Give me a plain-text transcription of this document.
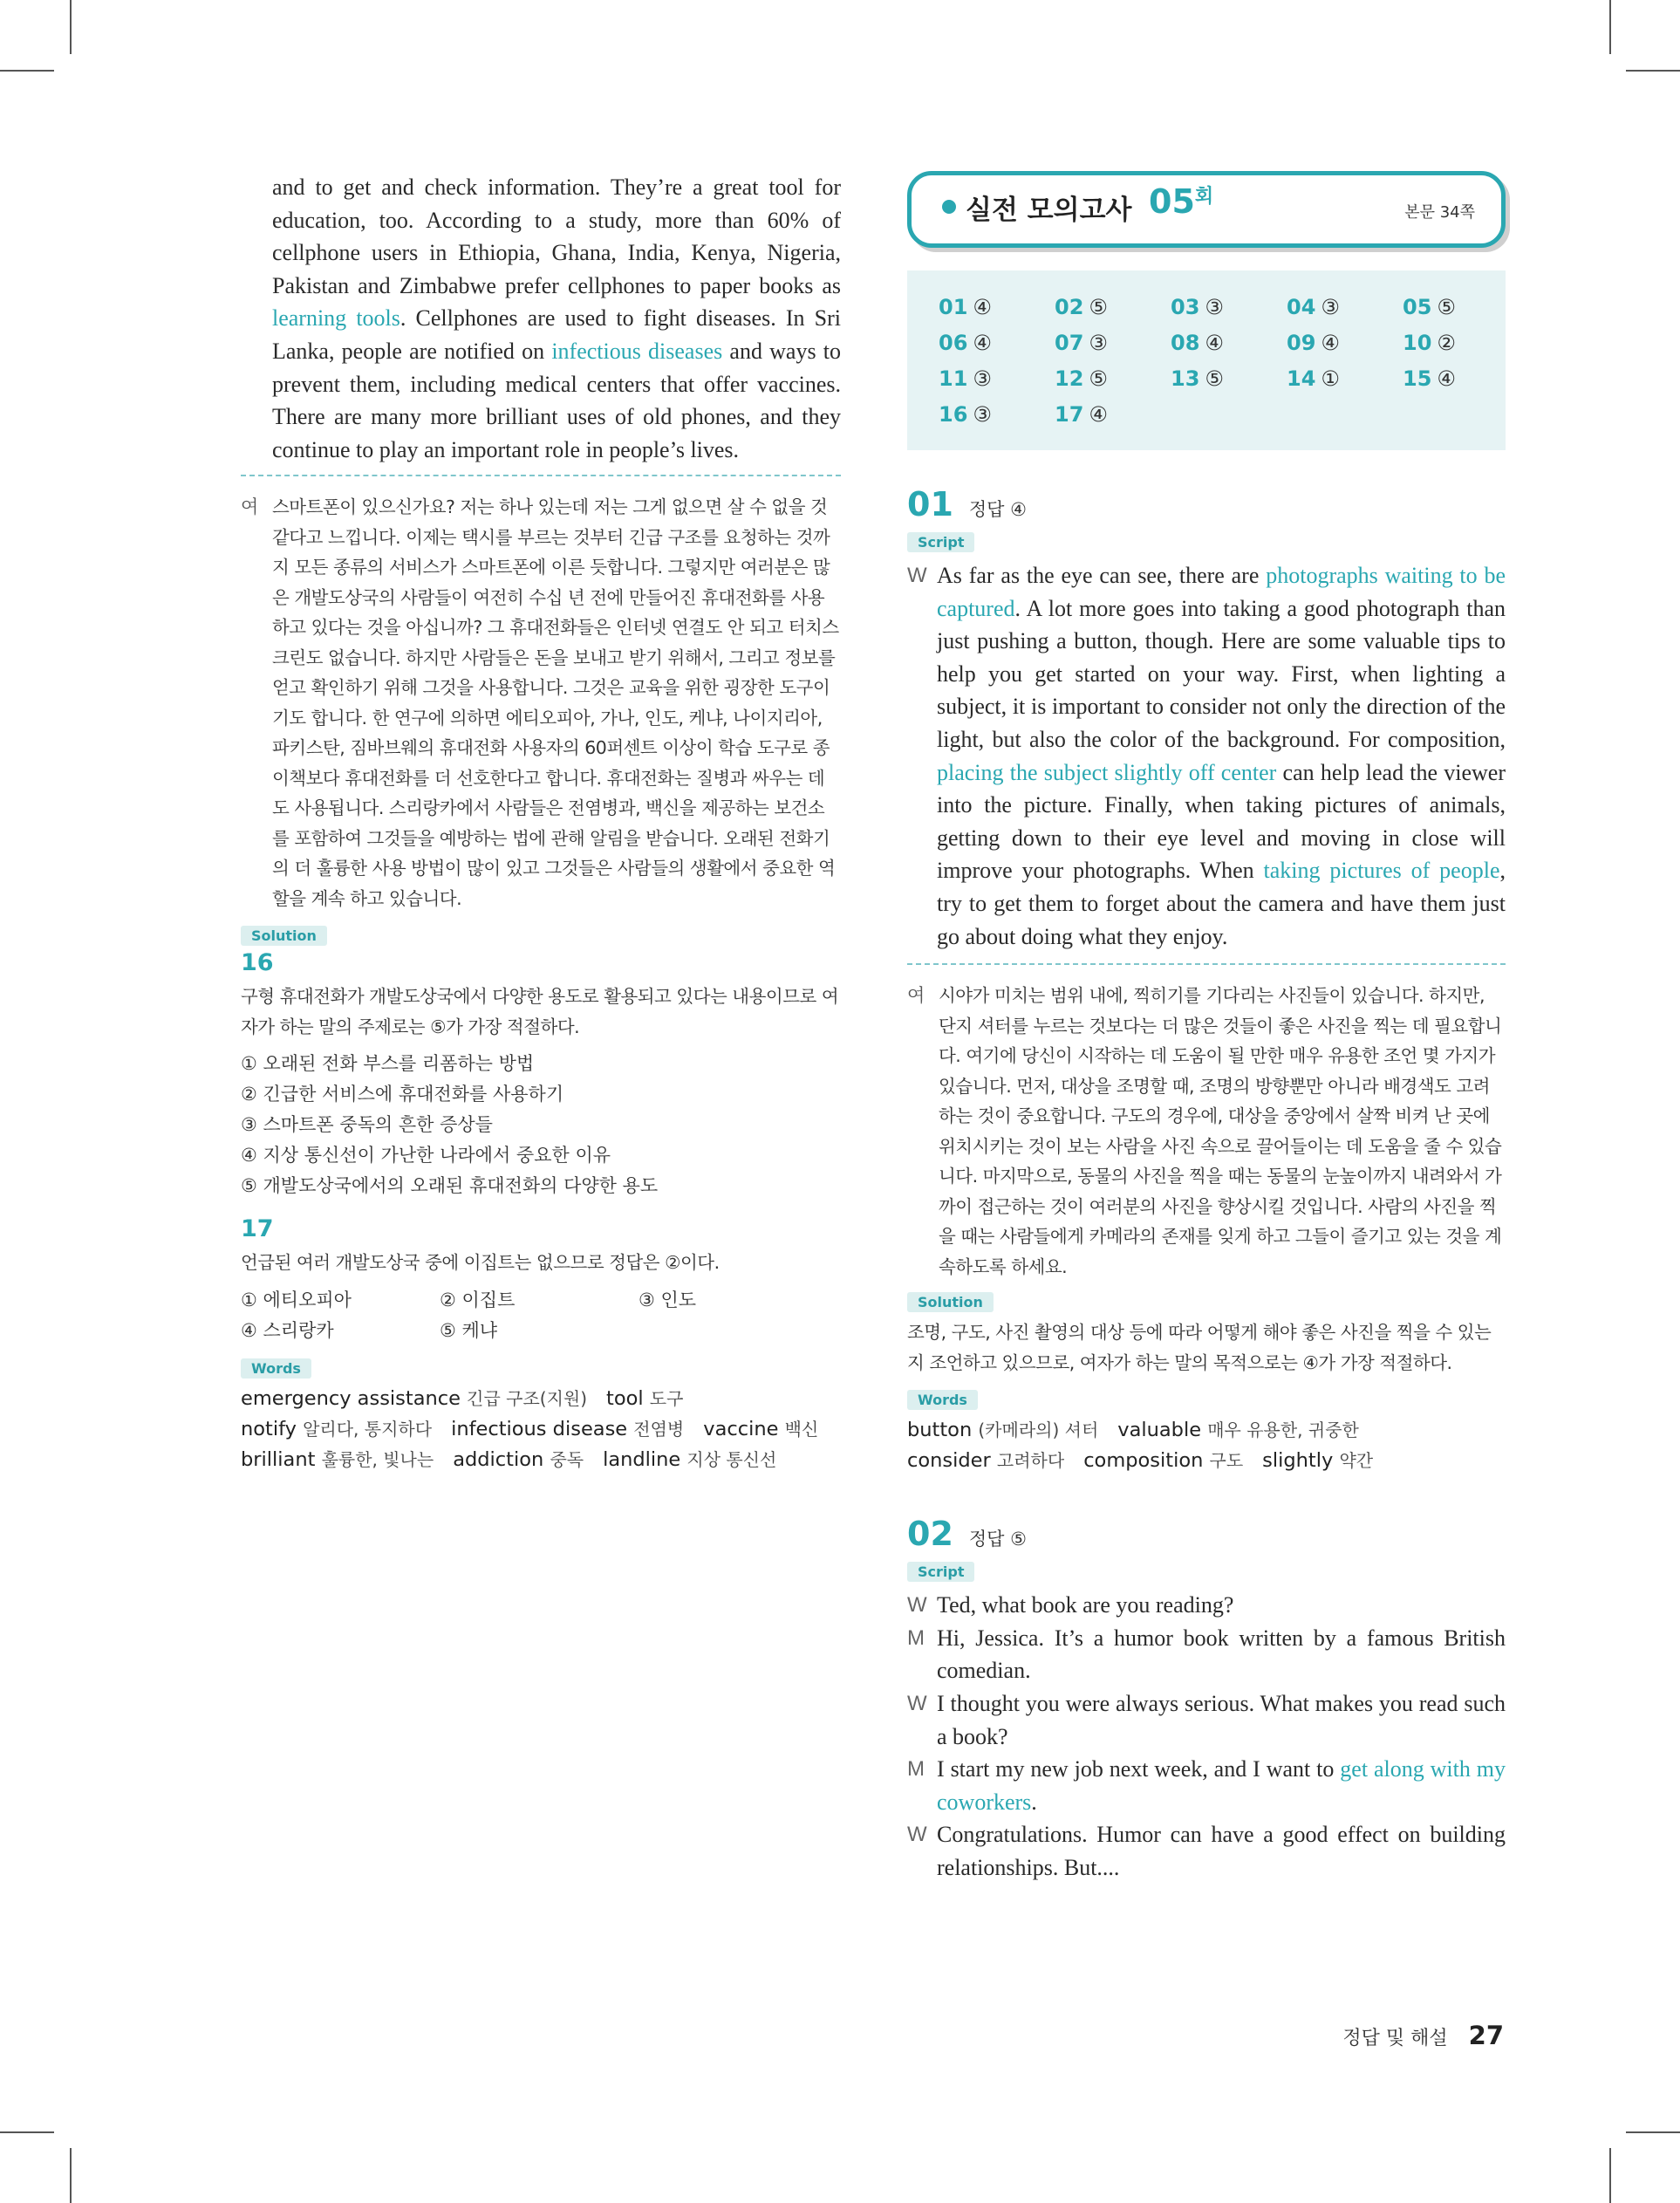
and to get and check information. They’re a great tool for education, too. According to a study, more than 60% of cellphone users in Ethiopia, Ghana, India, Kenya, Nigeria, Pakistan and Zimbabwe prefer cellphones to paper books as learning tools. Cellphones are used to fight diseases. In Sri Lanka, people are notified on infectious diseases and ways to prevent them, including medical centers that offer vaccines. There are many more brilliant uses of old phones, and they continue to play an important role in people’s lives.
여 스마트폰이 있으신가요? 저는 하나 있는데 저는 그게 없으면 살 수 없을 것 같다고 느낍니다. 이제는 택시를 부르는 것부터 긴급 구조를 요청하는 것까지 모든 종류의 서비스가 스마트폰에 이른 듯합니다. 그렇지만 여러분은 많은 개발도상국의 사람들이 여전히 수십 년 전에 만들어진 휴대전화를 사용하고 있다는 것을 아십니까? 그 휴대전화들은 인터넷 연결도 안 되고 터치스크린도 없습니다. 하지만 사람들은 돈을 보내고 받기 위해서, 그리고 정보를 얻고 확인하기 위해 그것을 사용합니다. 그것은 교육을 위한 굉장한 도구이기도 합니다. 한 연구에 의하면 에티오피아, 가나, 인도, 케냐, 나이지리아, 파키스탄, 짐바브웨의 휴대전화 사용자의 60퍼센트 이상이 학습 도구로 종이책보다 휴대전화를 더 선호한다고 합니다. 휴대전화는 질병과 싸우는 데도 사용됩니다. 스리랑카에서 사람들은 전염병과, 백신을 제공하는 보건소를 포함하여 그것들을 예방하는 법에 관해 알림을 받습니다. 오래된 전화기의 더 훌륭한 사용 방법이 많이 있고 그것들은 사람들의 생활에서 중요한 역할을 계속 하고 있습니다.
Solution
16
구형 휴대전화가 개발도상국에서 다양한 용도로 활용되고 있다는 내용이므로 여자가 하는 말의 주제로는 ⑤가 가장 적절하다.
① 오래된 전화 부스를 리폼하는 방법
② 긴급한 서비스에 휴대전화를 사용하기
③ 스마트폰 중독의 흔한 증상들
④ 지상 통신선이 가난한 나라에서 중요한 이유
⑤ 개발도상국에서의 오래된 휴대전화의 다양한 용도
17
언급된 여러 개발도상국 중에 이집트는 없으므로 정답은 ②이다.
① 에티오피아	② 이집트	③ 인도
④ 스리랑카	⑤ 케냐
Words
emergency assistance 긴급 구조(지원) tool 도구
notify 알리다, 통지하다 infectious disease 전염병 vaccine 백신
brilliant 훌륭한, 빛나는 addiction 중독 landline 지상 통신선
실전 모의고사 $05^회$
본문 34쪽
01 ④	02 ⑤	03 ③	04 ③	05 ⑤
06 ④	07 ③	08 ④	09 ④	10 ②
11 ③	12 ⑤	13 ⑤	14 ①	15 ④
16 ③	17 ④
01 정답 ④
Script
W As far as the eye can see, there are photographs waiting to be captured. A lot more goes into taking a good photograph than just pushing a button, though. Here are some valuable tips to help you get started on your way. First, when lighting a subject, it is important to consider not only the direction of the light, but also the color of the background. For composition, placing the subject slightly off center can help lead the viewer into the picture. Finally, when taking pictures of animals, getting down to their eye level and moving in close will improve your photographs. When taking pictures of people, try to get them to forget about the camera and have them just go about doing what they enjoy.
여 시야가 미치는 범위 내에, 찍히기를 기다리는 사진들이 있습니다. 하지만, 단지 셔터를 누르는 것보다는 더 많은 것들이 좋은 사진을 찍는 데 필요합니다. 여기에 당신이 시작하는 데 도움이 될 만한 매우 유용한 조언 몇 가지가 있습니다. 먼저, 대상을 조명할 때, 조명의 방향뿐만 아니라 배경색도 고려하는 것이 중요합니다. 구도의 경우에, 대상을 중앙에서 살짝 비켜 난 곳에 위치시키는 것이 보는 사람을 사진 속으로 끌어들이는 데 도움을 줄 수 있습니다. 마지막으로, 동물의 사진을 찍을 때는 동물의 눈높이까지 내려와서 가까이 접근하는 것이 여러분의 사진을 향상시킬 것입니다. 사람의 사진을 찍을 때는 사람들에게 카메라의 존재를 잊게 하고 그들이 즐기고 있는 것을 계속하도록 하세요.
Solution
조명, 구도, 사진 촬영의 대상 등에 따라 어떻게 해야 좋은 사진을 찍을 수 있는지 조언하고 있으므로, 여자가 하는 말의 목적으로는 ④가 가장 적절하다.
Words
button (카메라의) 셔터 valuable 매우 유용한, 귀중한
consider 고려하다 composition 구도 slightly 약간
02 정답 ⑤
Script
W Ted, what book are you reading?
M Hi, Jessica. It’s a humor book written by a famous British comedian.
W I thought you were always serious. What makes you read such a book?
M I start my new job next week, and I want to get along with my coworkers.
W Congratulations. Humor can have a good effect on building relationships. But....
정답 및 해설 27
